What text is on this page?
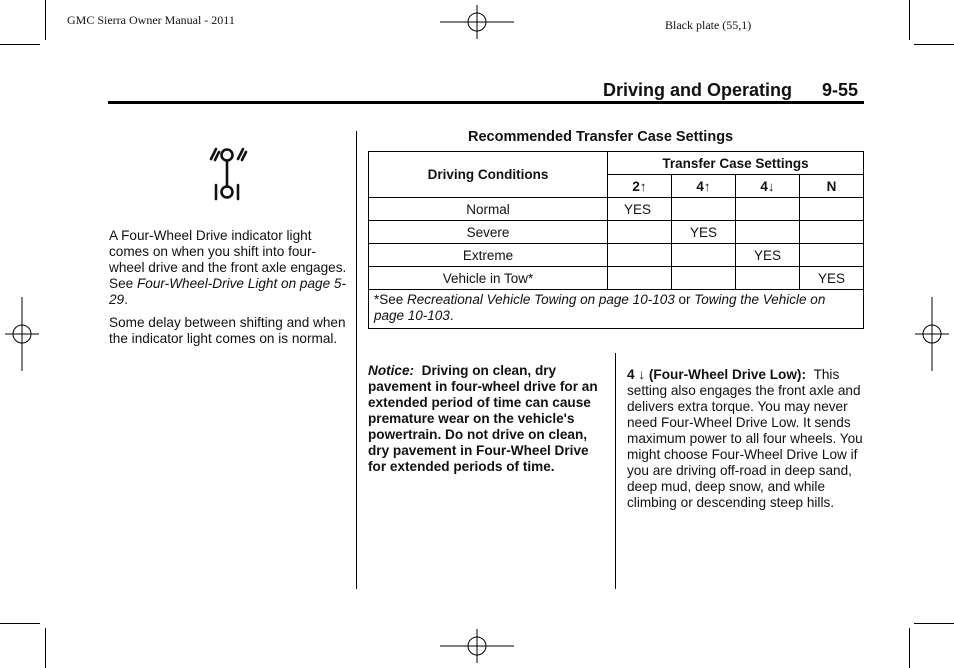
GMC Sierra Owner Manual - 2011	Black plate (55,1)
Driving and Operating 9-55
A Four-Wheel Drive indicator light comes on when you shift into four-wheel drive and the front axle engages. See Four-Wheel-Drive Light on page 5-29.
Some delay between shifting and when the indicator light comes on is normal.
Recommended Transfer Case Settings
Driving Conditions	Transfer Case Settings			
	2↑	4↑	4↓	N
Normal	YES			
Severe		YES		
Extreme			YES	
Vehicle in Tow*				YES
*See Recreational Vehicle Towing on page 10-103 or Towing the Vehicle on page 10-103.				
Notice: Driving on clean, dry pavement in four-wheel drive for an extended period of time can cause premature wear on the vehicle's powertrain. Do not drive on clean, dry pavement in Four-Wheel Drive for extended periods of time.
4 ↓ (Four-Wheel Drive Low): This setting also engages the front axle and delivers extra torque. You may never need Four-Wheel Drive Low. It sends maximum power to all four wheels. You might choose Four-Wheel Drive Low if you are driving off-road in deep sand, deep mud, deep snow, and while climbing or descending steep hills.
